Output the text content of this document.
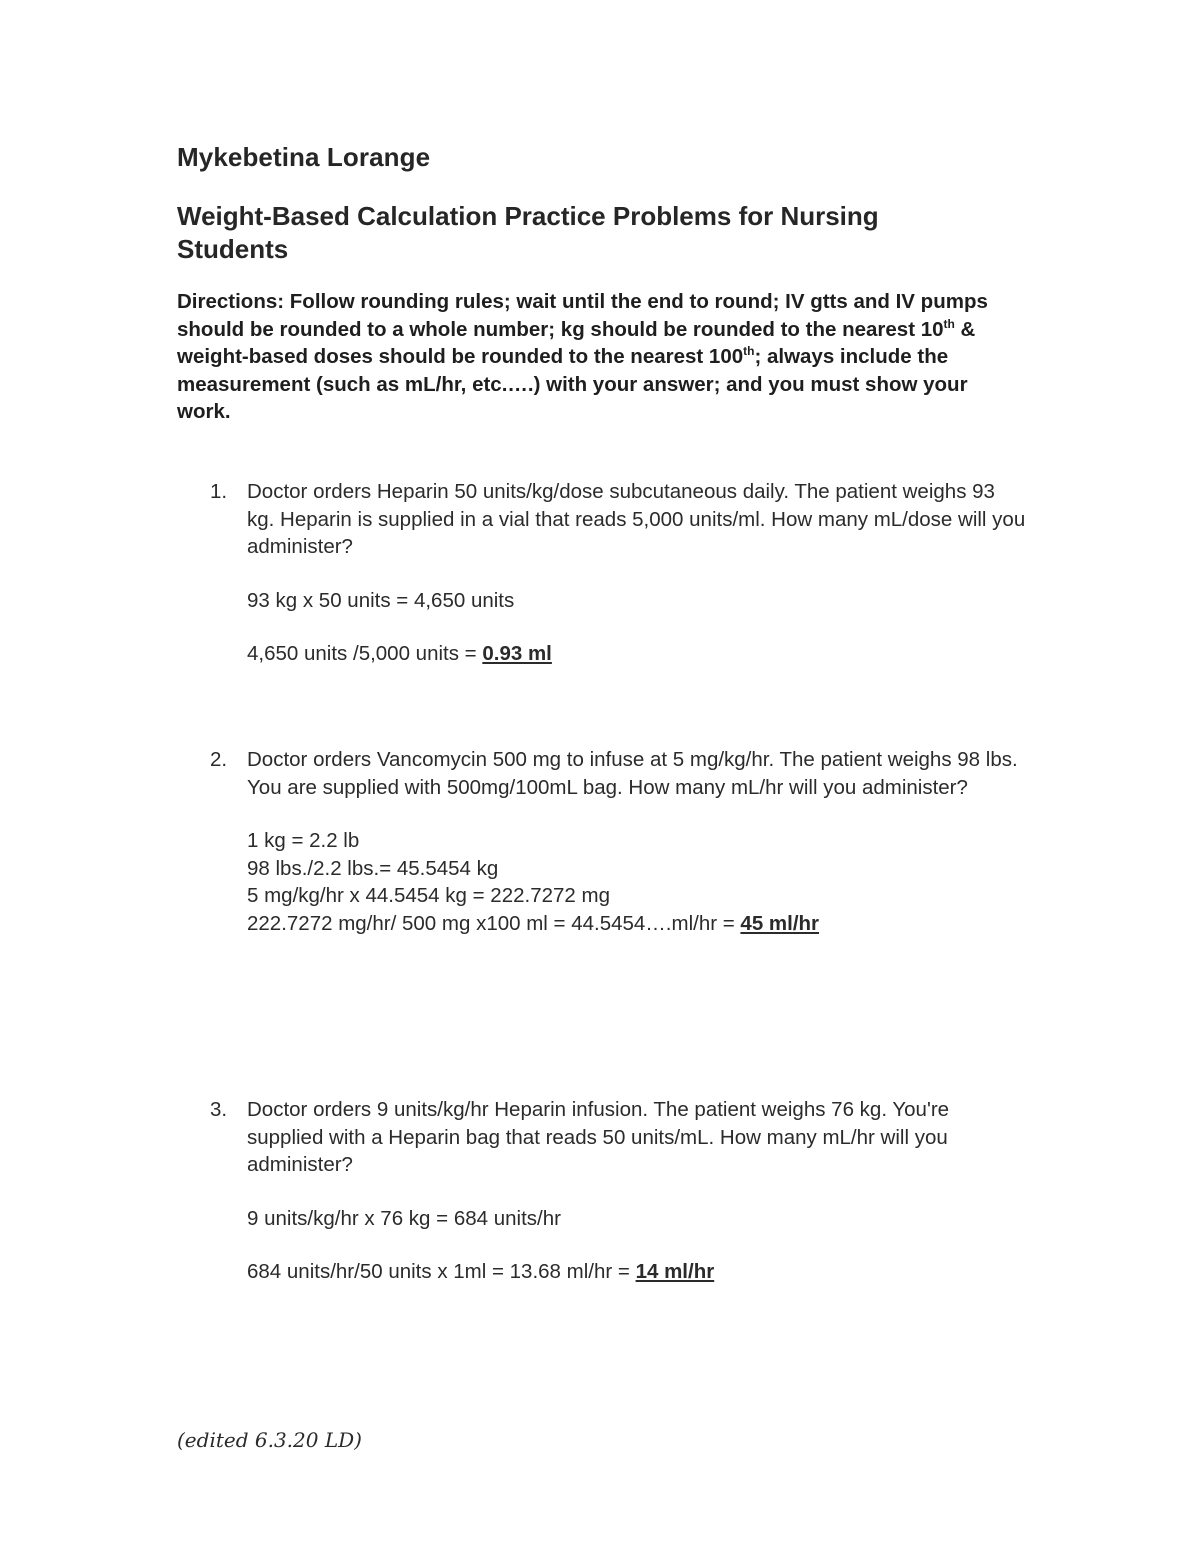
Mykebetina Lorange
Weight-Based Calculation Practice Problems for Nursing Students
Directions: Follow rounding rules; wait until the end to round; IV gtts and IV pumps should be rounded to a whole number; kg should be rounded to the nearest 10th & weight-based doses should be rounded to the nearest 100th; always include the measurement (such as mL/hr, etc.….) with your answer; and you must show your work.
1. Doctor orders Heparin 50 units/kg/dose subcutaneous daily. The patient weighs 93 kg. Heparin is supplied in a vial that reads 5,000 units/ml. How many mL/dose will you administer?
93 kg x 50 units = 4,650 units
4,650 units /5,000 units = 0.93 ml
2. Doctor orders Vancomycin 500 mg to infuse at 5 mg/kg/hr. The patient weighs 98 lbs. You are supplied with 500mg/100mL bag. How many mL/hr will you administer?
1 kg = 2.2 lb
98 lbs./2.2 lbs.= 45.5454 kg
5 mg/kg/hr x 44.5454 kg = 222.7272 mg
222.7272 mg/hr/ 500 mg x100 ml = 44.5454….ml/hr = 45 ml/hr
3. Doctor orders 9 units/kg/hr Heparin infusion. The patient weighs 76 kg. You're supplied with a Heparin bag that reads 50 units/mL. How many mL/hr will you administer?
9 units/kg/hr x 76 kg = 684 units/hr
684 units/hr/50 units x 1ml = 13.68 ml/hr = 14 ml/hr
(edited 6.3.20 LD)
